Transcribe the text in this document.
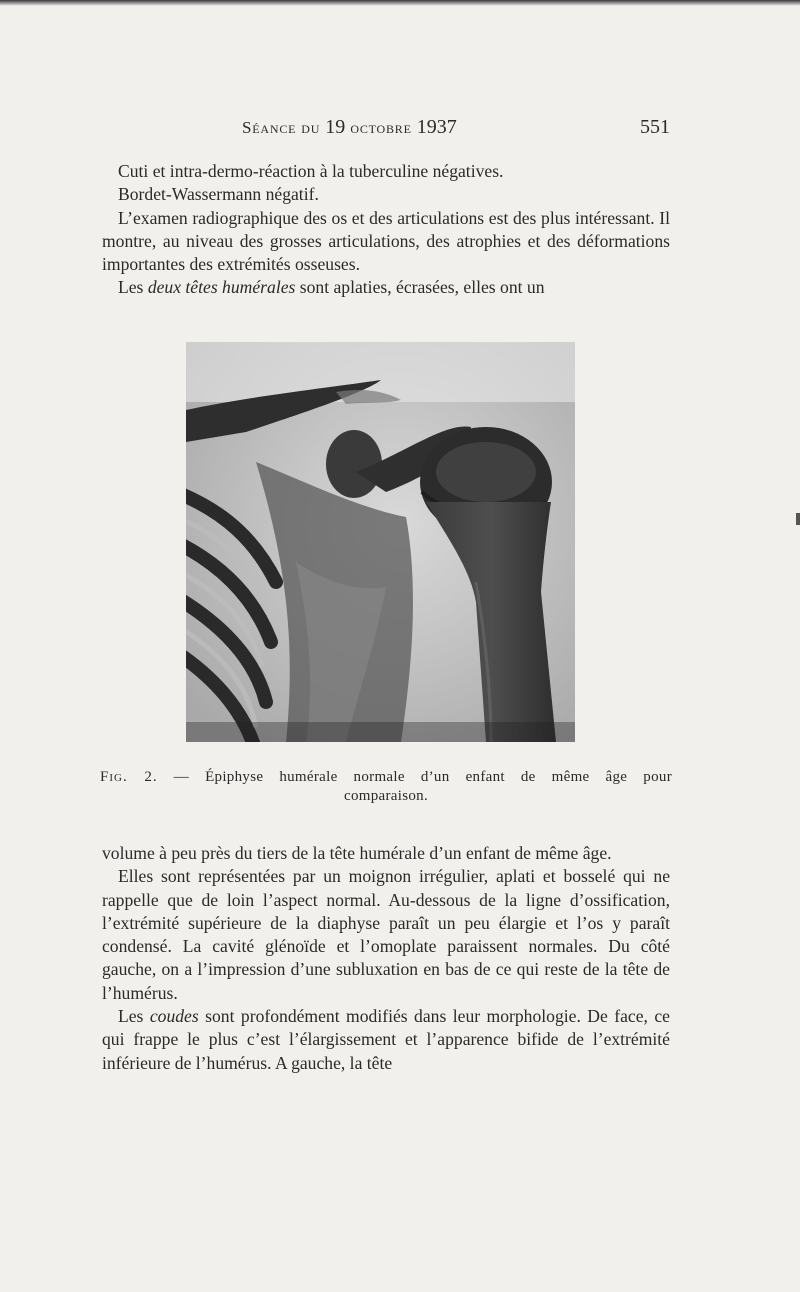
Séance du 19 octobre 1937	551

Cuti et intra-dermo-réaction à la tuberculine négatives.

Bordet-Wassermann négatif.

L’examen radiographique des os et des articulations est des plus intéressant. Il montre, au niveau des grosses articulations, des atrophies et des déformations importantes des extrémités osseuses.

Les deux têtes humérales sont aplaties, écrasées, elles ont un

Fig. 2. — Épiphyse humérale normale d’un enfant de même âge pour
comparaison.

volume à peu près du tiers de la tête humérale d’un enfant de même âge.

Elles sont représentées par un moignon irrégulier, aplati et bosselé qui ne rappelle que de loin l’aspect normal. Au-dessous de la ligne d’ossification, l’extrémité supérieure de la diaphyse paraît un peu élargie et l’os y paraît condensé. La cavité glénoïde et l’omoplate paraissent normales. Du côté gauche, on a l’impression d’une subluxation en bas de ce qui reste de la tête de l’humérus.

Les coudes sont profondément modifiés dans leur morphologie. De face, ce qui frappe le plus c’est l’élargissement et l’apparence bifide de l’extrémité inférieure de l’humérus. A gauche, la tête
